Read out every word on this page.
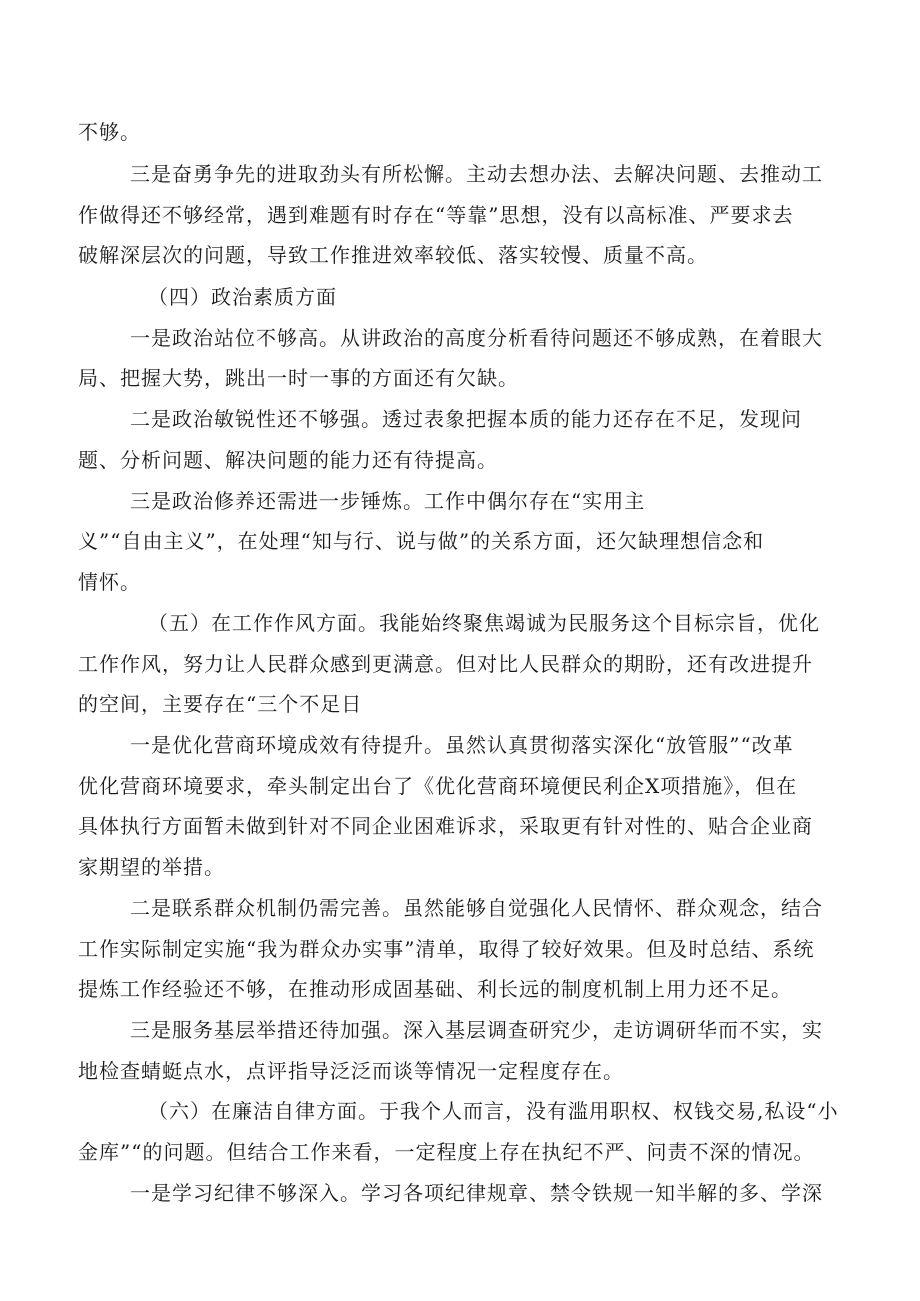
不够。
三是奋勇争先的进取劲头有所松懈。主动去想办法、去解决问题、去推动工
作做得还不够经常，遇到难题有时存在“等靠”思想，没有以高标准、严要求去
破解深层次的问题，导致工作推进效率较低、落实较慢、质量不高。
（四）政治素质方面
一是政治站位不够高。从讲政治的高度分析看待问题还不够成熟，在着眼大
局、把握大势，跳出一时一事的方面还有欠缺。
二是政治敏锐性还不够强。透过表象把握本质的能力还存在不足，发现问
题、分析问题、解决问题的能力还有待提高。
三是政治修养还需进一步锤炼。工作中偶尔存在“实用主
义”“自由主义”，在处理“知与行、说与做”的关系方面，还欠缺理想信念和
情怀。
（五）在工作作风方面。我能始终聚焦竭诚为民服务这个目标宗旨，优化
工作作风，努力让人民群众感到更满意。但对比人民群众的期盼，还有改进提升
的空间，主要存在“三个不足日
一是优化营商环境成效有待提升。虽然认真贯彻落实深化“放管服”“改革
优化营商环境要求，牵头制定出台了《优化营商环境便民利企X项措施》，但在
具体执行方面暂未做到针对不同企业困难诉求，采取更有针对性的、贴合企业商
家期望的举措。
二是联系群众机制仍需完善。虽然能够自觉强化人民情怀、群众观念，结合
工作实际制定实施“我为群众办实事”清单，取得了较好效果。但及时总结、系统
提炼工作经验还不够，在推动形成固基础、利长远的制度机制上用力还不足。
三是服务基层举措还待加强。深入基层调查研究少，走访调研华而不实，实
地检查蜻蜓点水，点评指导泛泛而谈等情况一定程度存在。
（六）在廉洁自律方面。于我个人而言，没有滥用职权、权钱交易,私设“小
金库”“的问题。但结合工作来看，一定程度上存在执纪不严、问责不深的情况。
一是学习纪律不够深入。学习各项纪律规章、禁令铁规一知半解的多、学深
